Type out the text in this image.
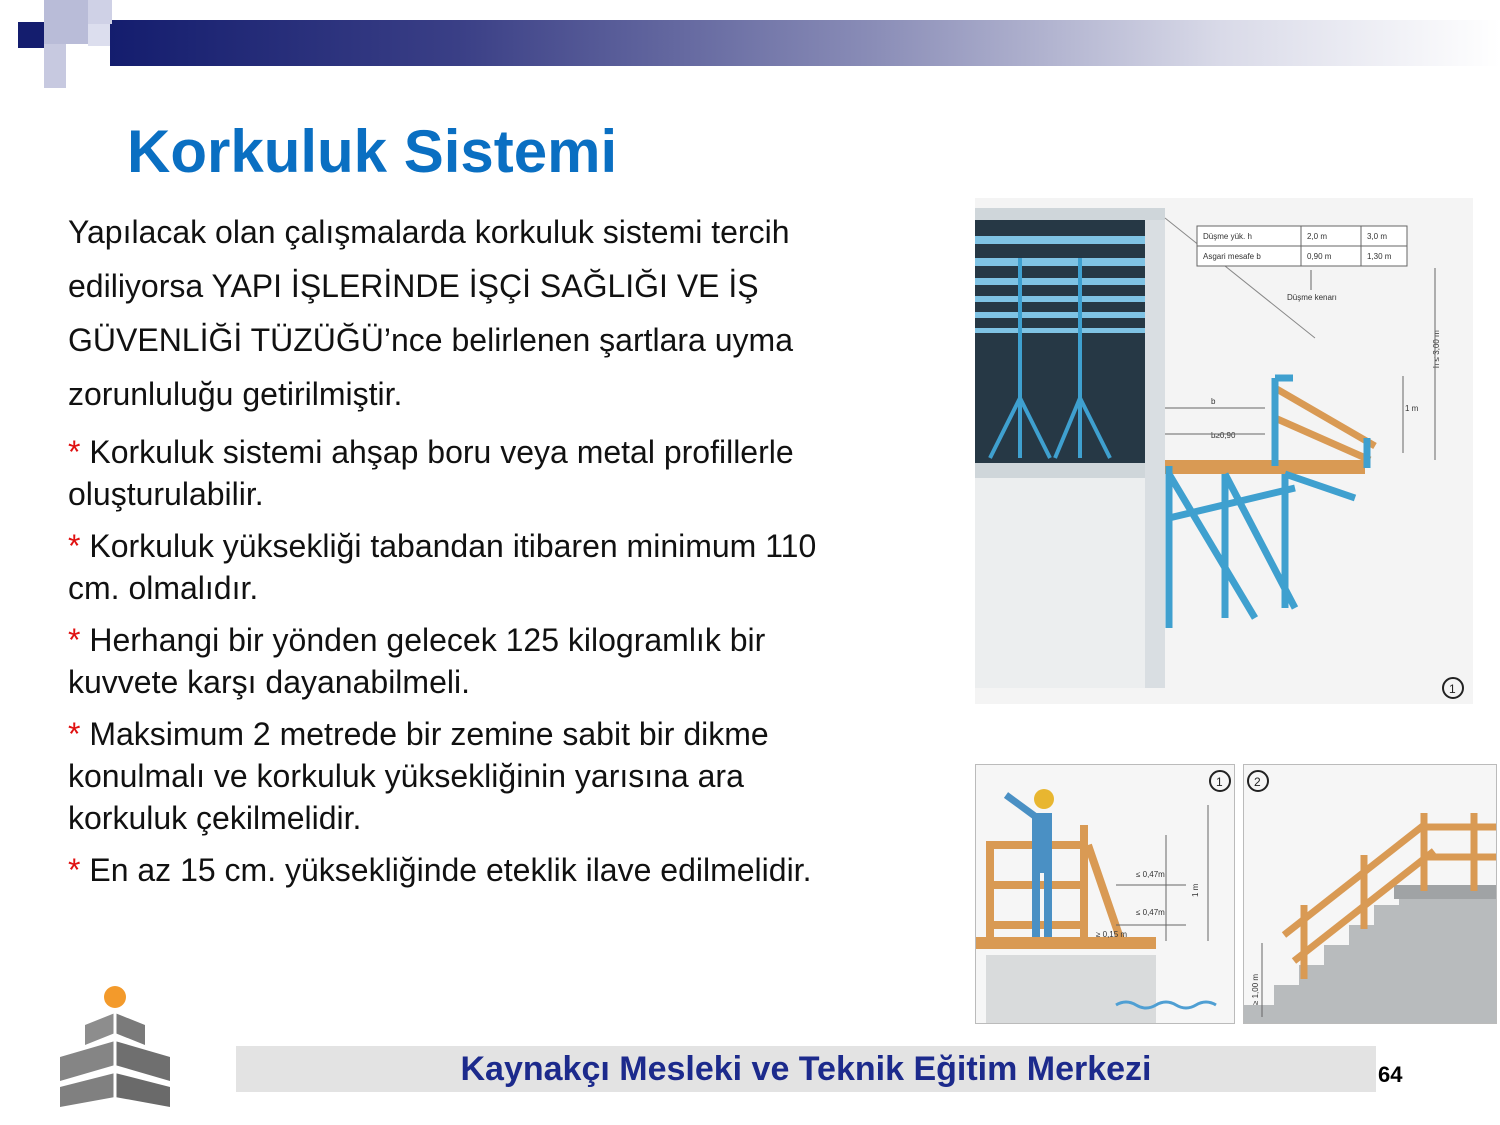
Korkuluk Sistemi

Yapılacak olan çalışmalarda korkuluk sistemi tercih

ediliyorsa YAPI İŞLERİNDE İŞÇİ SAĞLIĞI VE İŞ

GÜVENLİĞİ TÜZÜĞÜ’nce belirlenen şartlara uyma

zorunluluğu getirilmiştir.

* Korkuluk sistemi ahşap boru veya metal profillerle
oluşturulabilir.
* Korkuluk yüksekliği tabandan itibaren minimum 110
cm. olmalıdır.
* Herhangi bir yönden gelecek 125 kilogramlık bir
kuvvete karşı dayanabilmeli.
* Maksimum 2 metrede bir zemine sabit bir dikme
konulmalı ve korkuluk yüksekliğinin yarısına ara
korkuluk çekilmelidir.
* En az 15 cm. yüksekliğinde eteklik ilave edilmelidir.
Düşme yük. h	2,0 m	3,0 m
Asgari mesafe b	0,90 m	1,30 m
Düşme kenarı
b
b≥0,90
1 m
h ≤ 3,00 m
1
≤ 0,47m
≤ 0,47m
≥ 0,15 m
1 m
1
≥ 1,00 m
2
Kaynakçı Mesleki ve Teknik Eğitim Merkezi	64
